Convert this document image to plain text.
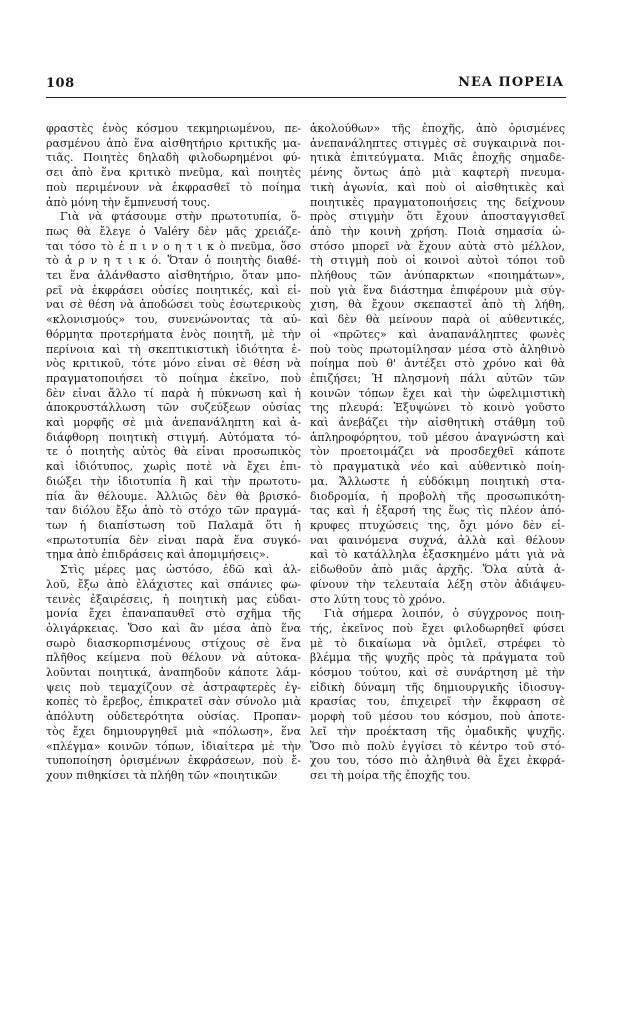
108	ΝΕΑ ΠΟΡΕΙΑ
φραστὲς ἑνὸς κόσμου τεκμηριωμένου, πε-
ρασμένου ἀπὸ ἕνα αἰσθητήριο κριτικῆς μα-
τιᾶς. Ποιητὲς δηλαδὴ φιλοδωρημένοι φύ-
σει ἀπὸ ἕνα κριτικὸ πνεῦμα, καὶ ποιητὲς
ποὺ περιμένουν νὰ ἐκφρασθεῖ τὸ ποίημα
ἀπὸ μόνη τὴν ἔμπνευσή τους.
Γιὰ νὰ φτάσουμε στὴν πρωτοτυπία, ὅ-
πως θὰ ἔλεγε ὁ Valéry δὲν μᾶς χρειάζε-
ται τόσο τὸ ἐ π ι ν ο η τ ι κ ὸ πνεῦμα, ὅσο
τὸ ἀ ρ ν η τ ι κ ό. Ὅταν ὁ ποιητὴς διαθέ-
τει ἕνα ἀλάνθαστο αἰσθητήριο, ὅταν μπο-
ρεῖ νὰ ἐκφράσει οὐσίες ποιητικές, καὶ εἶ-
ναι σὲ θέση νὰ ἀποδώσει τοὺς ἐσωτερικοὺς
«κλονισμούς» του, συνενώνοντας τὰ αὐ-
θόρμητα προτερήματα ἑνὸς ποιητῆ, μὲ τὴν
περίνοια καὶ τὴ σκεπτικιστικὴ ἰδιότητα ἑ-
νὸς κριτικοῦ, τότε μόνο εἶναι σὲ θέση νὰ
πραγματοποιήσει τὸ ποίημα ἐκεῖνο, ποὺ
δὲν εἶναι ἄλλο τί παρὰ ἡ πύκνωση καὶ ἡ
ἀποκρυστάλλωση τῶν συζεύξεων οὐσίας
καὶ μορφῆς σὲ μιὰ ἀνεπανάληπτη καὶ ἀ-
διάφθορη ποιητικὴ στιγμή. Αὐτόματα τό-
τε ὁ ποιητὴς αὐτὸς θὰ εἶναι προσωπικὸς
καὶ ἰδιότυπος, χωρὶς ποτὲ νὰ ἔχει ἐπι-
διώξει τὴν ἰδιοτυπία ἢ καὶ τὴν πρωτοτυ-
πία ἂν θέλουμε. Ἀλλιῶς δὲν θὰ βρισκό-
ταν διόλου ἔξω ἀπὸ τὸ στόχο τῶν πραγμά-
των ἡ διαπίστωση τοῦ Παλαμᾶ ὅτι ἡ
«πρωτοτυπία δὲν εἶναι παρὰ ἕνα συγκό-
τημα ἀπὸ ἐπιδράσεις καὶ ἀπομιμήσεις».
Στὶς μέρες μας ὡστόσο, ἐδῶ καὶ ἀλ-
λοῦ, ἔξω ἀπὸ ἐλάχιστες καὶ σπάνιες φω-
τεινὲς ἐξαιρέσεις, ἡ ποιητικὴ μας εὐδαι-
μονία ἔχει ἐπαναπαυθεῖ στὸ σχῆμα τῆς
ὀλιγάρκειας. Ὅσο καὶ ἂν μέσα ἀπὸ ἕνα
σωρὸ διασκορπισμένους στίχους σὲ ἕνα
πλῆθος κείμενα ποὺ θέλουν νὰ αὐτοκα-
λοῦνται ποιητικά, ἀναπηδοῦν κάποτε λάμ-
ψεις ποὺ τεμαχίζουν σὲ ἀστραφτερὲς ἐγ-
κοπὲς τὸ ἔρεβος, ἐπικρατεῖ σὰν σύνολο μιὰ
ἀπόλυτη οὐδετερότητα οὐσίας. Προπαν-
τὸς ἔχει δημιουργηθεῖ μιὰ «πόλωση», ἕνα
«πλέγμα» κοινῶν τόπων, ἰδιαίτερα μὲ τὴν
τυποποίηση ὁρισμένων ἐκφράσεων, ποὺ ἔ-
χουν πιθηκίσει τὰ πλήθη τῶν «ποιητικῶν
ἀκολούθων» τῆς ἐποχῆς, ἀπὸ ὁρισμένες
ἀνεπανάληπτες στιγμὲς σὲ συγκαιρινὰ ποι-
ητικὰ ἐπιτεύγματα. Μιᾶς ἐποχῆς σημαδε-
μένης ὄντως ἀπὸ μιὰ καφτερὴ πνευμα-
τικὴ ἀγωνία, καὶ ποὺ οἱ αἰσθητικὲς καὶ
ποιητικὲς πραγματοποιήσεις της δείχνουν
πρὸς στιγμὴν ὅτι ἔχουν ἀποσταγγισθεῖ
ἀπὸ τὴν κοινὴ χρήση. Ποιὰ σημασία ὡ-
στόσο μπορεῖ νὰ ἔχουν αὐτὰ στὸ μέλλον,
τὴ στιγμὴ ποὺ οἱ κοινοὶ αὐτοὶ τόποι τοῦ
πλήθους τῶν ἀνύπαρκτων «ποιημάτων»,
ποὺ γιὰ ἕνα διάστημα ἐπιφέρουν μιὰ σύγ-
χιση, θὰ ἔχουν σκεπαστεῖ ἀπὸ τὴ λήθη,
καὶ δὲν θὰ μείνουν παρὰ οἱ αὐθεντικές,
οἱ «πρῶτες» καὶ ἀναπανάληπτες φωνὲς
ποὺ τοὺς πρωτομίλησαν μέσα στὸ ἀληθινὸ
ποίημα ποὺ θ' ἀντέξει στὸ χρόνο καὶ θὰ
ἐπιζήσει; Ἡ πλησμονὴ πάλι αὐτῶν τῶν
κοινῶν τόπων ἔχει καὶ τὴν ὠφελιμιστικὴ
της πλευρά: Ἐξυψώνει τὸ κοινὸ γοῦστο
καὶ ἀνεβάζει τὴν αἰσθητικὴ στάθμη τοῦ
ἀπληροφόρητου, τοῦ μέσου ἀναγνώστη καὶ
τὸν προετοιμάζει νὰ προσδεχθεῖ κάποτε
τὸ πραγματικὰ νέο καὶ αὐθεντικὸ ποίη-
μα. Ἄλλωστε ἡ εὐδόκιμη ποιητικὴ στα-
διοδρομία, ἡ προβολὴ τῆς προσωπικότη-
τας καὶ ἡ ἐξαρσή της ἕως τὶς πλέον ἀπό-
κρυφες πτυχώσεις της, ὄχι μόνο δὲν εἶ-
ναι φαινόμενα συχνά, ἀλλὰ καὶ θέλουν
καὶ τὸ κατάλληλα ἐξασκημένο μάτι γιὰ νὰ
εἰδωθοῦν ἀπὸ μιᾶς ἀρχῆς. Ὅλα αὐτὰ ἀ-
φίνουν τὴν τελευταία λέξη στὸν ἀδιάψευ-
στο λύτη τους τὸ χρόνο.
Γιὰ σήμερα λοιπόν, ὁ σύγχρονος ποιη-
τής, ἐκεῖνος ποὺ ἔχει φιλοδωρηθεῖ φύσει
μὲ τὸ δικαίωμα νὰ ὁμιλεῖ, στρέφει τὸ
βλέμμα τῆς ψυχῆς πρὸς τὰ πράγματα τοῦ
κόσμου τούτου, καὶ σὲ συνάρτηση μὲ τὴν
εἰδικὴ δύναμη τῆς δημιουργικῆς ἰδιοσυγ-
κρασίας του, ἐπιχειρεῖ τὴν ἔκφραση σὲ
μορφὴ τοῦ μέσου του κόσμου, ποὺ ἀποτε-
λεῖ τὴν προέκταση τῆς ὁμαδικῆς ψυχῆς.
Ὅσο πιὸ πολὺ ἐγγίσει τὸ κέντρο τοῦ στό-
χου του, τόσο πιὸ ἀληθινὰ θὰ ἔχει ἐκφρά-
σει τὴ μοίρα τῆς ἐποχῆς του.
